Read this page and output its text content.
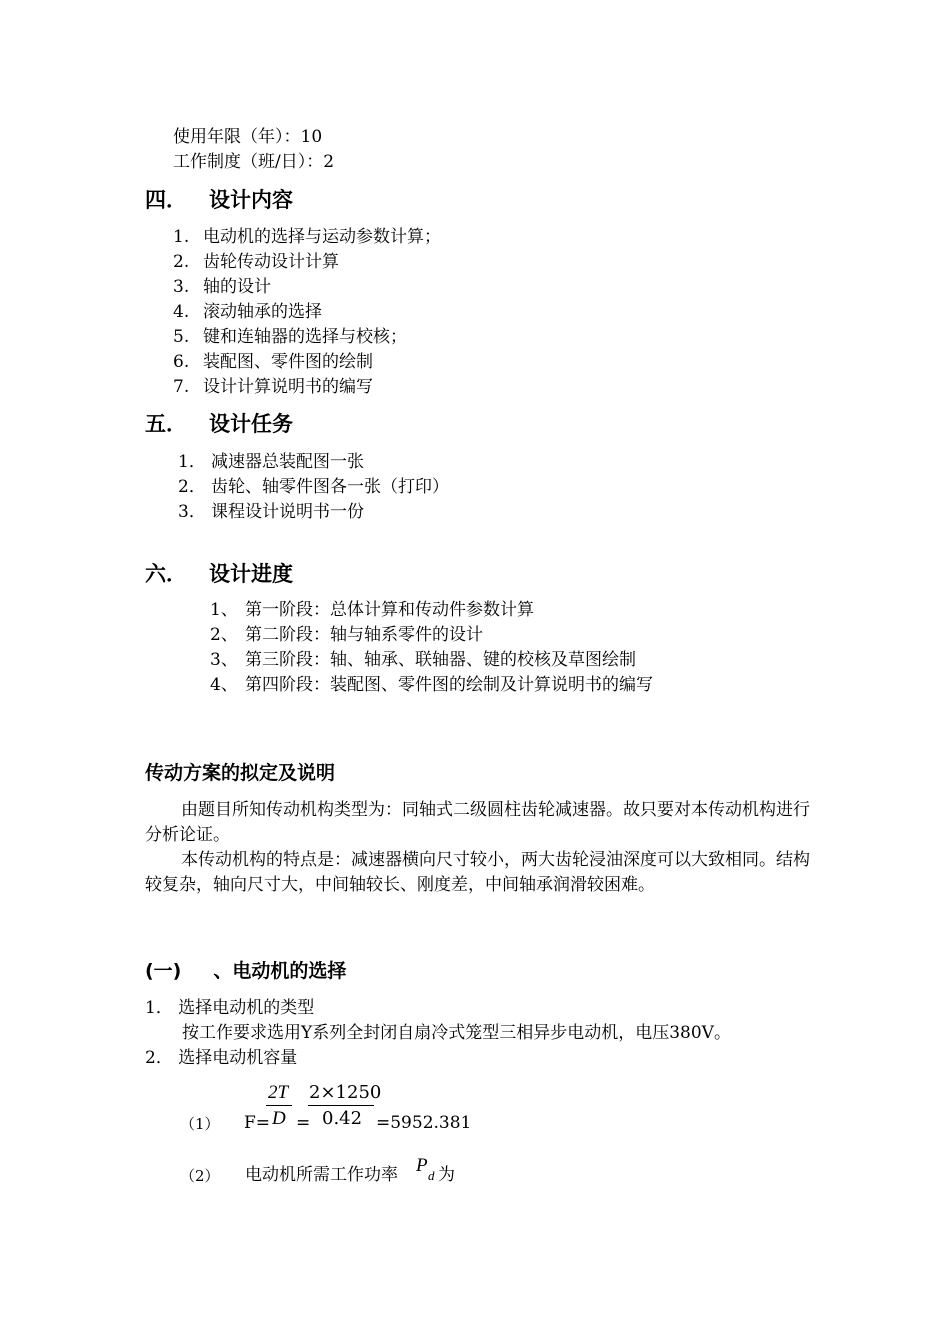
使用年限（年）：10
工作制度（班/日）：2
四． 设计内容
1. 电动机的选择与运动参数计算；
2. 齿轮传动设计计算
3. 轴的设计
4. 滚动轴承的选择
5. 键和连轴器的选择与校核；
6. 装配图、零件图的绘制
7. 设计计算说明书的编写
五． 设计任务
1． 减速器总装配图一张
2． 齿轮、轴零件图各一张（打印）
3． 课程设计说明书一份
六． 设计进度
1、 第一阶段：总体计算和传动件参数计算
2、 第二阶段：轴与轴系零件的设计
3、 第三阶段：轴、轴承、联轴器、键的校核及草图绘制
4、 第四阶段：装配图、零件图的绘制及计算说明书的编写
传动方案的拟定及说明
由题目所知传动机构类型为：同轴式二级圆柱齿轮减速器。故只要对本传动机构进行分析论证。
本传动机构的特点是：减速器横向尺寸较小，两大齿轮浸油深度可以大致相同。结构较复杂，轴向尺寸大，中间轴较长、刚度差，中间轴承润滑较困难。
(一) 、电动机的选择
1． 选择电动机的类型
按工作要求选用Y系列全封闭自扇冷式笼型三相异步电动机，电压380V。
2． 选择电动机容量
（1） F=
2T
D =
2×1250
0.42 =5952.381
（2） 电动机所需工作功率 P d 为
